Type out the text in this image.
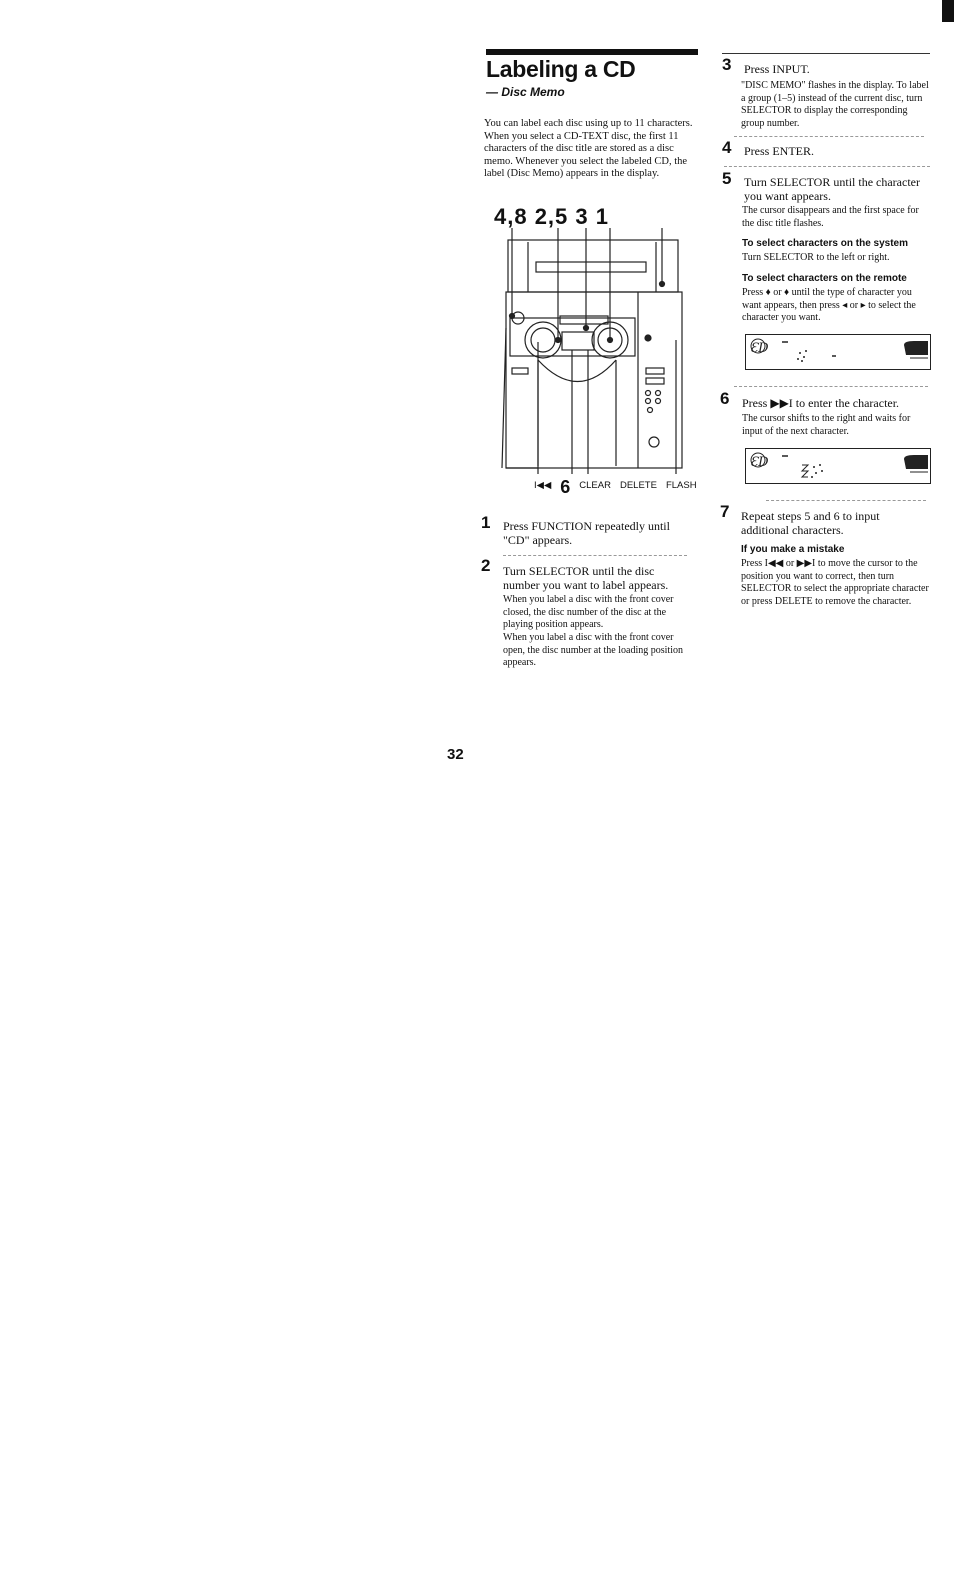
Labeling a CD
— Disc Memo
You can label each disc using up to 11 characters. When you select a CD-TEXT disc, the first 11 characters of the disc title are stored as a disc memo. Whenever you select the labeled CD, the label (Disc Memo) appears in the display.
4,8 2,5 3 1
I◀◀ 6 CLEAR DELETE FLASH
1 Press FUNCTION repeatedly until "CD" appears.
2 Turn SELECTOR until the disc number you want to label appears.
When you label a disc with the front cover closed, the disc number of the disc at the playing position appears.
When you label a disc with the front cover open, the disc number at the loading position appears.
3 Press INPUT.
"DISC MEMO" flashes in the display. To label a group (1–5) instead of the current disc, turn SELECTOR to display the corresponding group number.
4 Press ENTER.
5 Turn SELECTOR until the character you want appears.
The cursor disappears and the first space for the disc title flashes.
To select characters on the system
Turn SELECTOR to the left or right.
To select characters on the remote
Press ♦ or ♦ until the type of character you want appears, then press ◂ or ▸ to select the character you want.
ƐD
6 Press ▶▶I to enter the character.
The cursor shifts to the right and waits for input of the next character.
ƐD
7 Repeat steps 5 and 6 to input additional characters.
If you make a mistake
Press I◀◀ or ▶▶I to move the cursor to the position you want to correct, then turn SELECTOR to select the appropriate character or press DELETE to remove the character.
32
